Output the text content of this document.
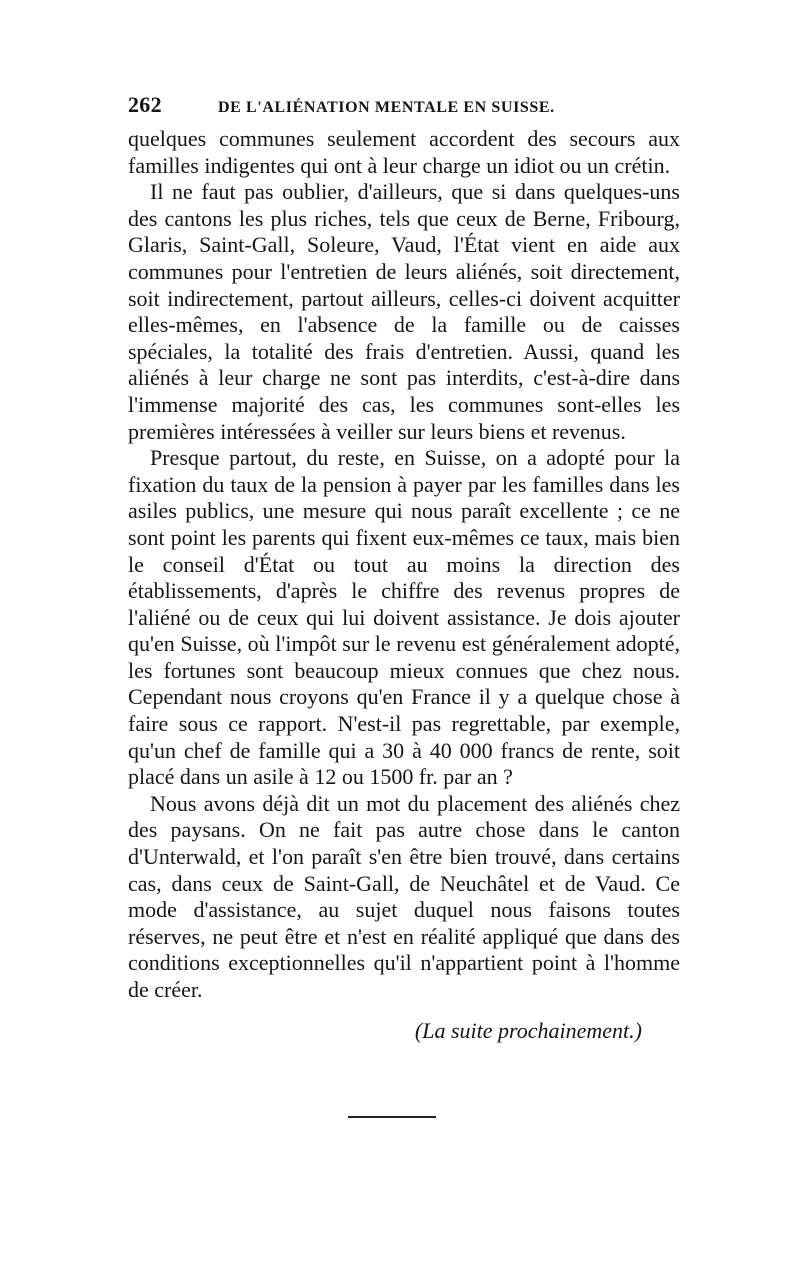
262	DE L'ALIÉNATION MENTALE EN SUISSE.

quelques communes seulement accordent des secours aux familles indigentes qui ont à leur charge un idiot ou un crétin.

Il ne faut pas oublier, d'ailleurs, que si dans quelques-uns des cantons les plus riches, tels que ceux de Berne, Fribourg, Glaris, Saint-Gall, Soleure, Vaud, l'État vient en aide aux communes pour l'entretien de leurs aliénés, soit directement, soit indirectement, partout ailleurs, celles-ci doivent acquitter elles-mêmes, en l'absence de la famille ou de caisses spéciales, la totalité des frais d'entretien. Aussi, quand les aliénés à leur charge ne sont pas interdits, c'est-à-dire dans l'immense majorité des cas, les communes sont-elles les premières intéressées à veiller sur leurs biens et revenus.

Presque partout, du reste, en Suisse, on a adopté pour la fixation du taux de la pension à payer par les familles dans les asiles publics, une mesure qui nous paraît excellente ; ce ne sont point les parents qui fixent eux-mêmes ce taux, mais bien le conseil d'État ou tout au moins la direction des établissements, d'après le chiffre des revenus propres de l'aliéné ou de ceux qui lui doivent assistance. Je dois ajouter qu'en Suisse, où l'impôt sur le revenu est généralement adopté, les fortunes sont beaucoup mieux connues que chez nous. Cependant nous croyons qu'en France il y a quelque chose à faire sous ce rapport. N'est-il pas regrettable, par exemple, qu'un chef de famille qui a 30 à 40 000 francs de rente, soit placé dans un asile à 12 ou 1500 fr. par an ?

Nous avons déjà dit un mot du placement des aliénés chez des paysans. On ne fait pas autre chose dans le canton d'Unterwald, et l'on paraît s'en être bien trouvé, dans certains cas, dans ceux de Saint-Gall, de Neuchâtel et de Vaud. Ce mode d'assistance, au sujet duquel nous faisons toutes réserves, ne peut être et n'est en réalité appliqué que dans des conditions exceptionnelles qu'il n'appartient point à l'homme de créer.

(La suite prochainement.)
